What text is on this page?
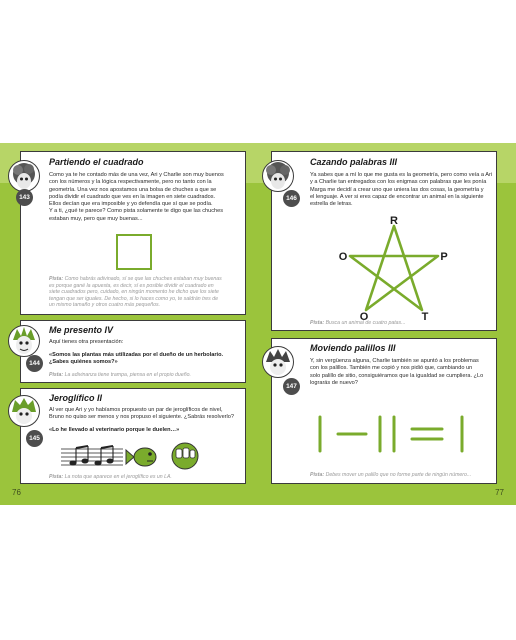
76	77
Partiendo el cuadrado
Como ya te he contado más de una vez, Ari y Charlie son muy buenos
con los números y la lógica respectivamente, pero no tanto con la
geometría. Una vez nos apostamos una bolsa de chuches a que se
podía dividir el cuadrado que ves en la imagen en siete cuadrados.
Ellos decían que era imposible y yo defendía que sí que se podía.
Y a ti, ¿qué te parece? Como pista solamente te digo que las chuches
estaban muy, pero que muy buenas...
Pista: Como habrás adivinado, sí se que las chuches estaban muy buenas
es porque gané la apuesta, es decir, sí es posible dividir el cuadrado en
siete cuadrados pero, cuidado, en ningún momento he dicho que los siete
tengan que ser iguales. De hecho, si lo haces como yo, te saldrán tres de
un mismo tamaño y otros cuatro más pequeños.
143
Me presento IV
Aquí tienes otra presentación:
«Somos las plantas más utilizadas por el dueño de un herbolario.
¿Sabes quiénes somos?»
Pista: La adivinanza tiene trampa, piensa en el propio dueño.
144
Jeroglífico II
Al ver que Ari y yo habíamos propuesto un par de jeroglíficos de nivel,
Bruno no quiso ser menos y nos propuso el siguiente. ¿Sabrás resolverlo?
«Lo he llevado al veterinario porque le duelen…»
Pista: La nota que aparece en el jeroglífico es un LA.
145
Cazando palabras III
Ya sabes que a mí lo que me gusta es la geometría, pero como veía a Ari
y a Charlie tan entregados con los enigmas con palabras que les ponía
Marga me decidí a crear uno que uniera las dos cosas, la geometría y
el lenguaje. A ver si eres capaz de encontrar un animal en la siguiente
estrella de letras.
R
O	P
O	T
Pista: Busca un animal de cuatro patas...
146
Moviendo palillos III
Y, sin vergüenza alguna, Charlie también se apuntó a los problemas
con los palillos. También me copió y nos pidió que, cambiando un
solo palillo de sitio, consiguiéramos que la igualdad se cumpliera. ¿Lo
lograrás de nuevo?
Pista: Debes mover un palillo que no forme parte de ningún número...
147
